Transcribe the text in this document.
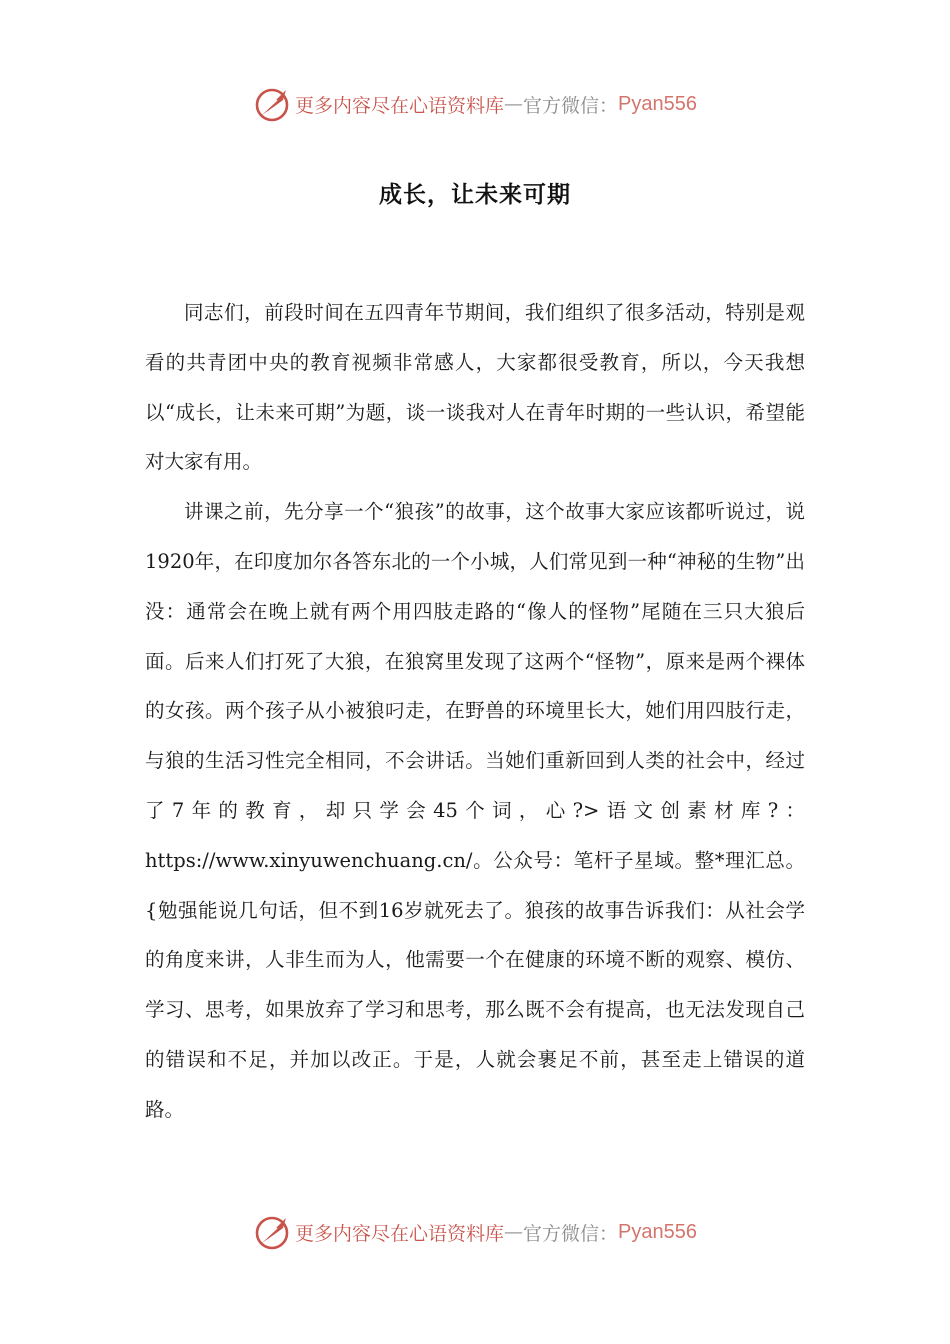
更多内容尽在心语资料库 — 官方微信： Pyan556
成长，让未来可期

同志们，前段时间在五四青年节期间，我们组织了很多活动，特别是观看的共青团中央的教育视频非常感人，大家都很受教育，所以，今天我想以“成长，让未来可期”为题，谈一谈我对人在青年时期的一些认识，希望能对大家有用。

讲课之前，先分享一个“狼孩”的故事，这个故事大家应该都听说过，说1920年，在印度加尔各答东北的一个小城，人们常见到一种“神秘的生物”出没：通常会在晚上就有两个用四肢走路的“像人的怪物”尾随在三只大狼后面。后来人们打死了大狼，在狼窝里发现了这两个“怪物”，原来是两个裸体的女孩。两个孩子从小被狼叼走，在野兽的环境里长大，她们用四肢行走，与狼的生活习性完全相同，不会讲话。当她们重新回到人类的社会中，经过了7年的教育，却只学会45个词，心?>语文创素材库?：https://www.xinyuwenchuang.cn/。公众号：笔杆子星域。整*理汇总。{勉强能说几句话，但不到16岁就死去了。狼孩的故事告诉我们：从社会学的角度来讲，人非生而为人，他需要一个在健康的环境不断的观察、模仿、学习、思考，如果放弃了学习和思考，那么既不会有提高，也无法发现自己的错误和不足，并加以改正。于是，人就会裹足不前，甚至走上错误的道路。

更多内容尽在心语资料库 — 官方微信： Pyan556
